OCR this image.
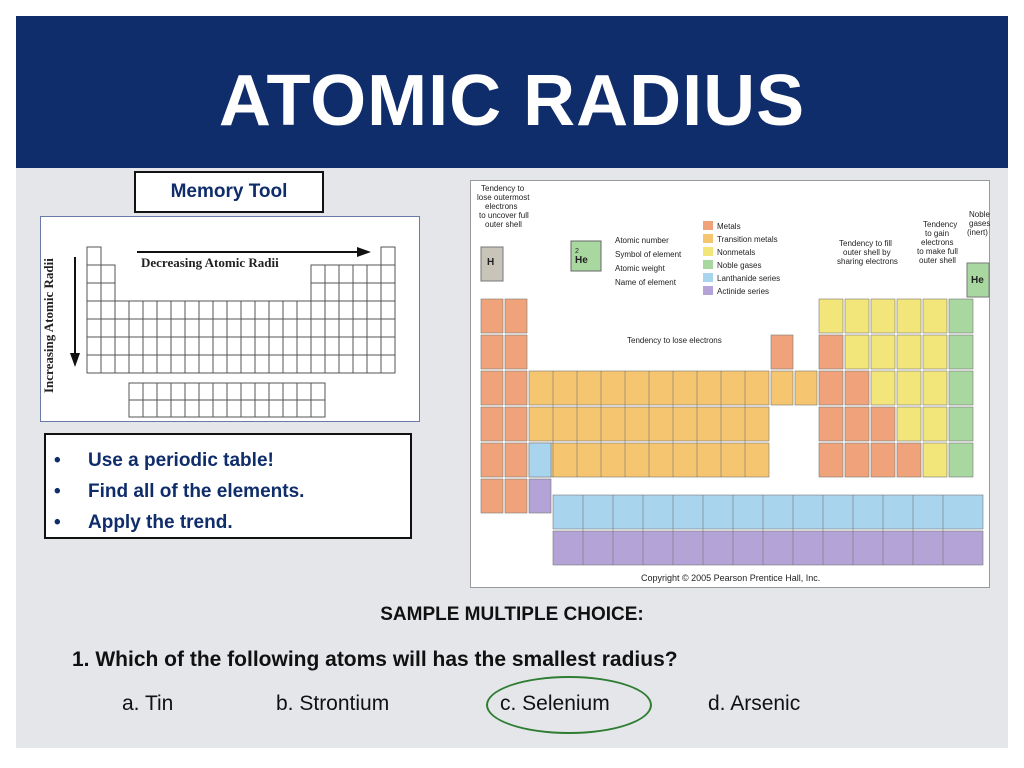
ATOMIC RADIUS
Memory Tool
Decreasing Atomic Radii
Increasing Atomic Radii
•	Use a periodic table!
•	Find all of the elements.
•	Apply the trend.
Tendency to lose outermost electrons to uncover full outer shell
Tendency to fill outer shell by sharing electrons
Tendency to gain electrons to make full outer shell
Noble gases (inert)
Tendency to lose electrons
2
He
Atomic number
Symbol of element
Atomic weight
Name of element
Metals
Transition metals
Nonmetals
Noble gases
Lanthanide series
Actinide series
H
He
Copyright © 2005 Pearson Prentice Hall, Inc.
SAMPLE MULTIPLE CHOICE:
1. Which of the following atoms will has the smallest radius?
a. Tin	b. Strontium	c. Selenium	d. Arsenic
